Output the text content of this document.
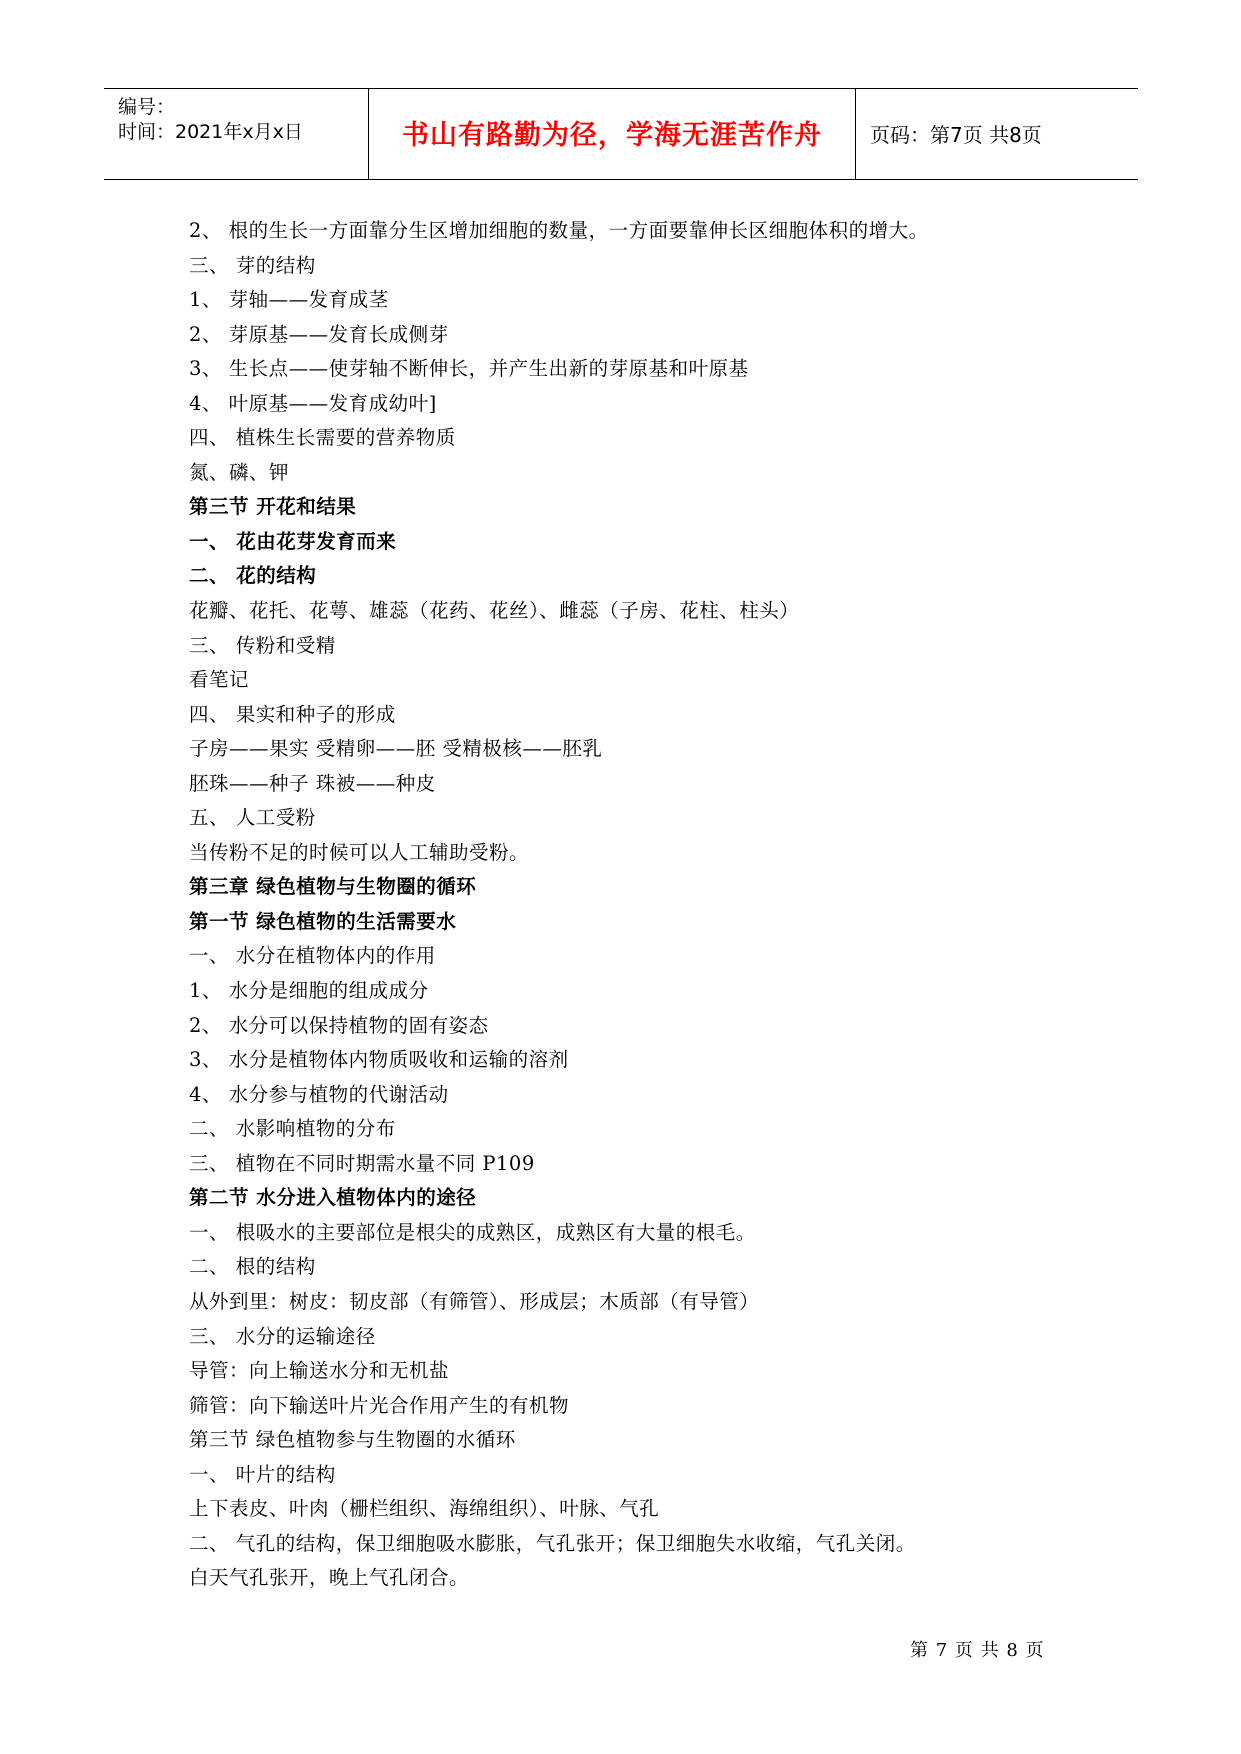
编号：
时间：2021年x月x日	书山有路勤为径，学海无涯苦作舟	页码：第7页 共8页
2、 根的生长一方面靠分生区增加细胞的数量，一方面要靠伸长区细胞体积的增大。
三、 芽的结构
1、 芽轴——发育成茎
2、 芽原基——发育长成侧芽
3、 生长点——使芽轴不断伸长，并产生出新的芽原基和叶原基
4、 叶原基——发育成幼叶]
四、 植株生长需要的营养物质
氮、磷、钾
第三节 开花和结果
一、 花由花芽发育而来
二、 花的结构
花瓣、花托、花萼、雄蕊（花药、花丝）、雌蕊（子房、花柱、柱头）
三、 传粉和受精
看笔记
四、 果实和种子的形成
子房——果实 受精卵——胚 受精极核——胚乳
胚珠——种子 珠被——种皮
五、 人工受粉
当传粉不足的时候可以人工辅助受粉。
第三章 绿色植物与生物圈的循环
第一节 绿色植物的生活需要水
一、 水分在植物体内的作用
1、 水分是细胞的组成成分
2、 水分可以保持植物的固有姿态
3、 水分是植物体内物质吸收和运输的溶剂
4、 水分参与植物的代谢活动
二、 水影响植物的分布
三、 植物在不同时期需水量不同 P109
第二节 水分进入植物体内的途径
一、 根吸水的主要部位是根尖的成熟区，成熟区有大量的根毛。
二、 根的结构
从外到里：树皮：韧皮部（有筛管）、形成层；木质部（有导管）
三、 水分的运输途径
导管：向上输送水分和无机盐
筛管：向下输送叶片光合作用产生的有机物
第三节 绿色植物参与生物圈的水循环
一、 叶片的结构
上下表皮、叶肉（栅栏组织、海绵组织）、叶脉、气孔
二、 气孔的结构，保卫细胞吸水膨胀，气孔张开；保卫细胞失水收缩，气孔关闭。
白天气孔张开，晚上气孔闭合。
第 7 页 共 8 页
